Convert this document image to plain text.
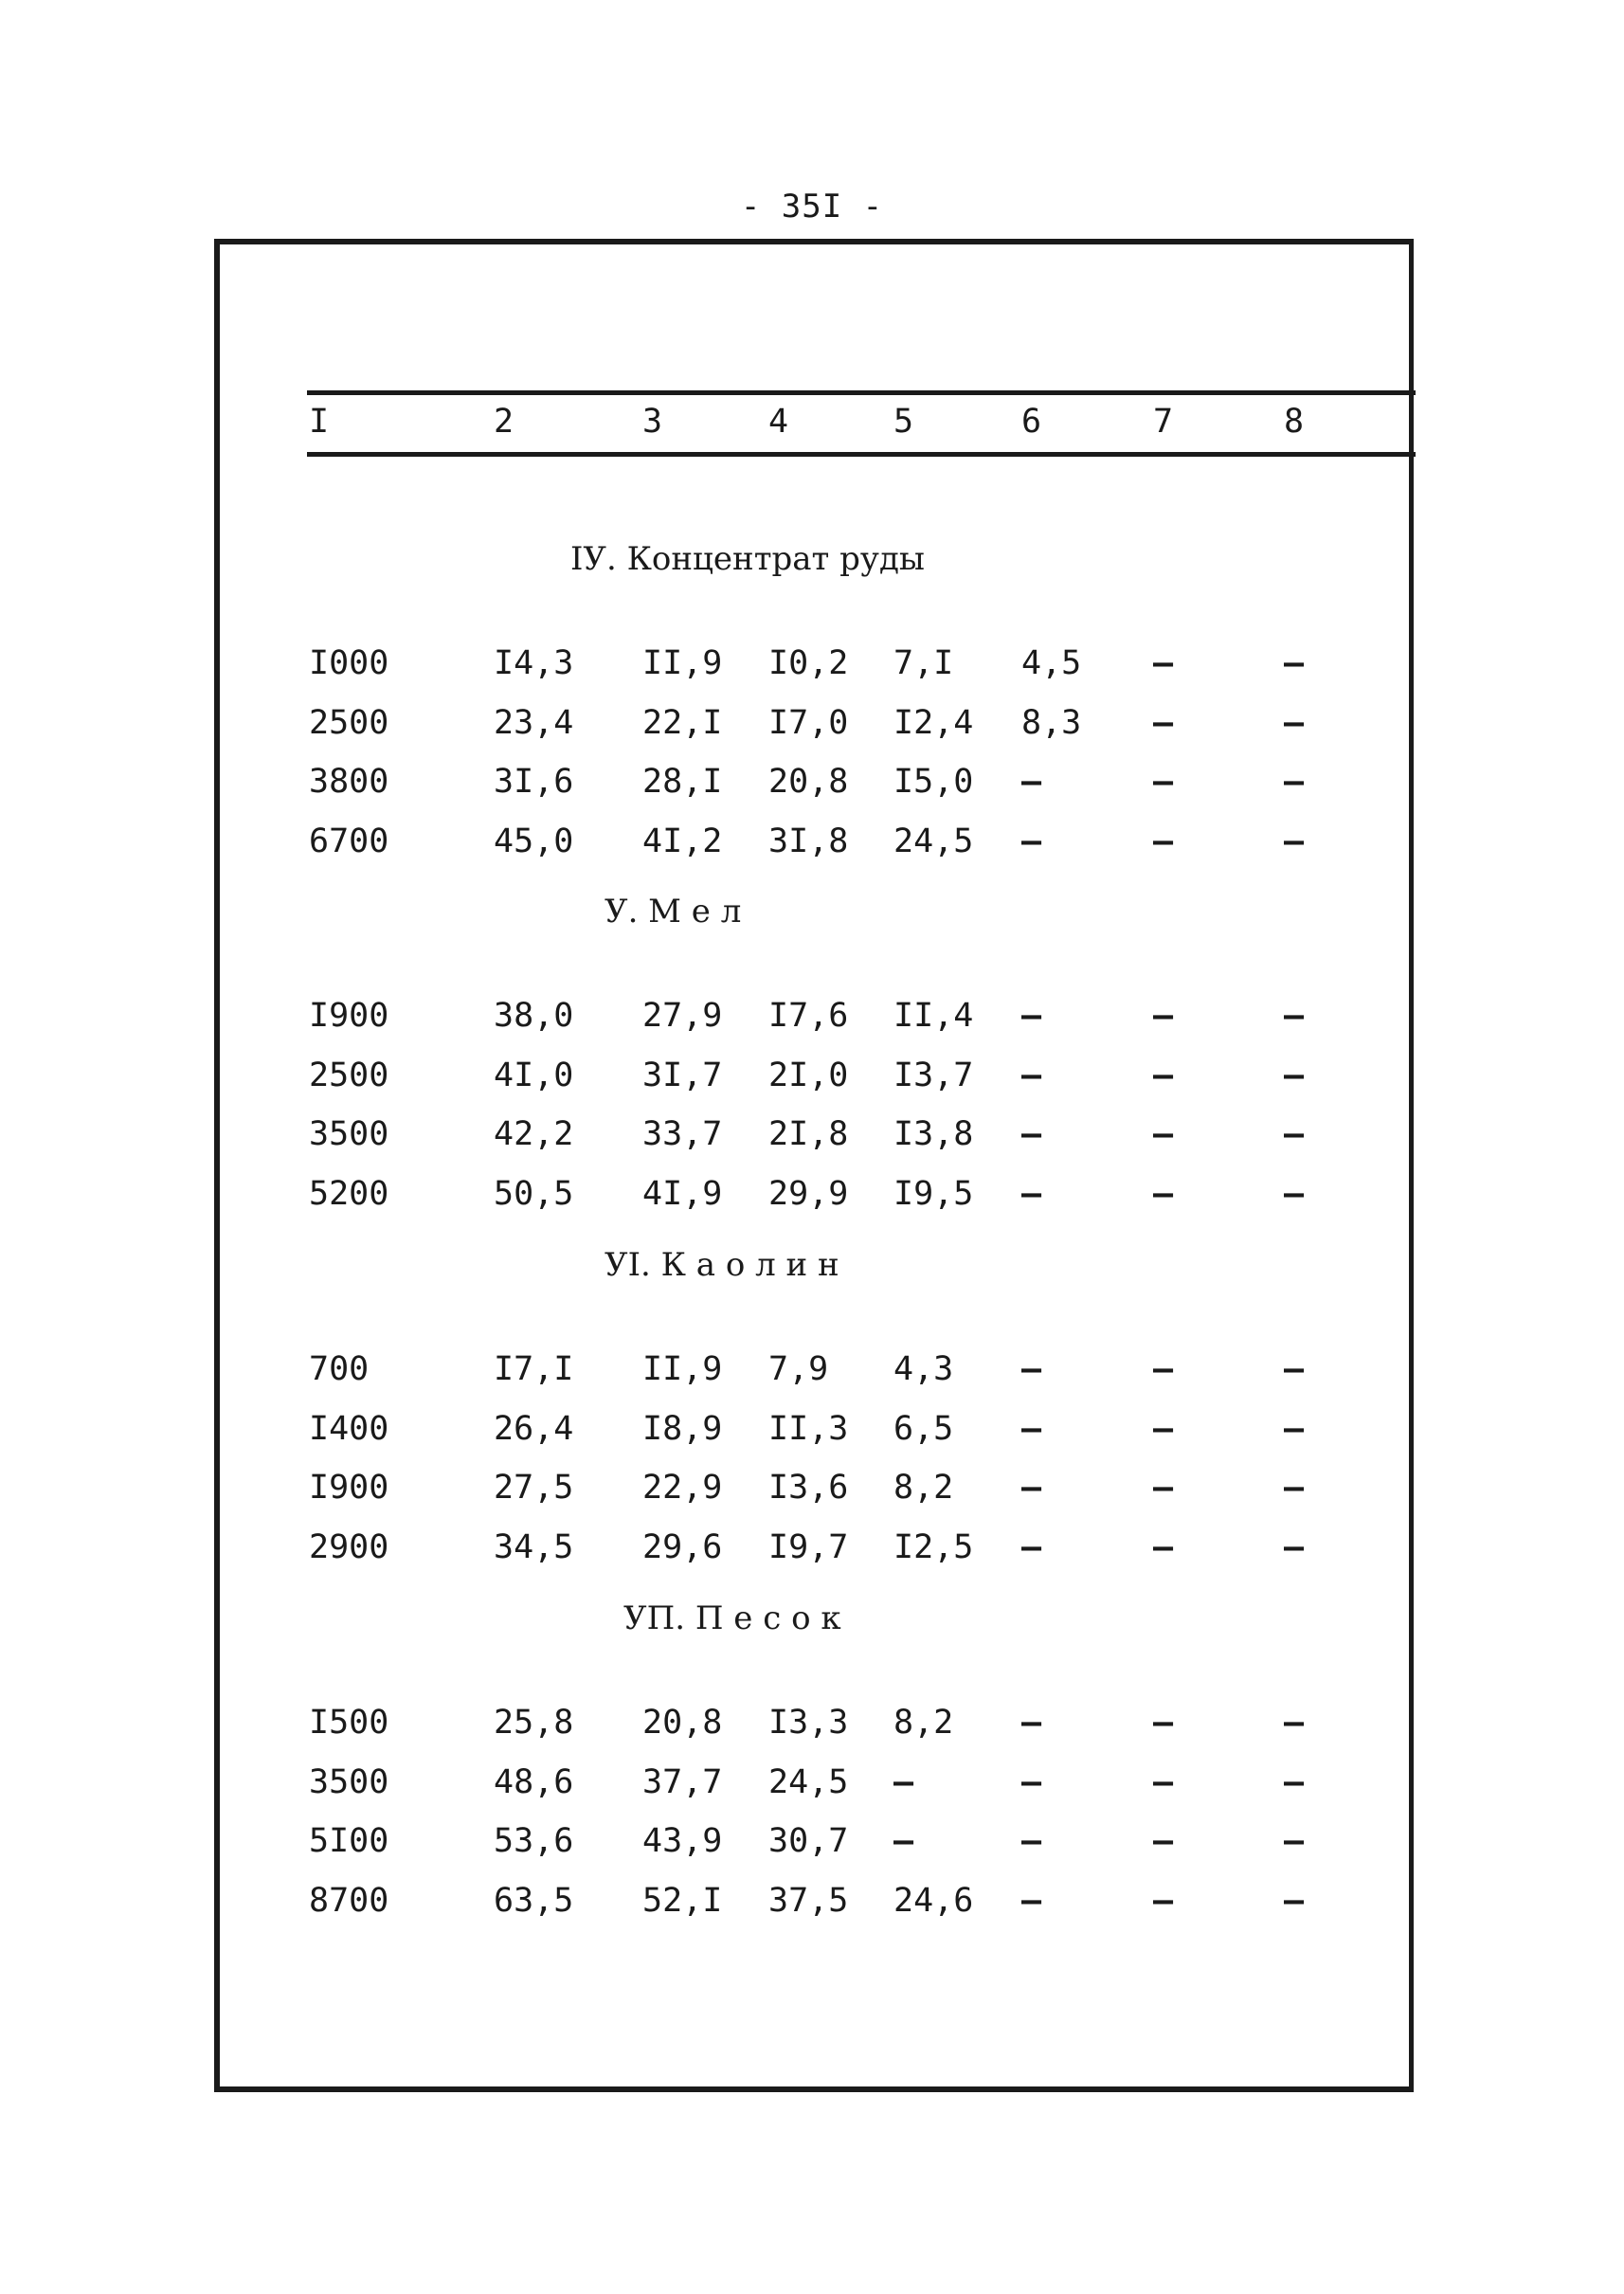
- 35I -
I	2	3	4	5	6	7	8
IУ. Концентрат руды
I000	I4,3 II,9 I0,2 7,I 4,5 –	–
2500	23,4 22,I I7,0 I2,4 8,3 –	–
3800	3I,6 28,I 20,8 I5,0 –	–	–
6700	45,0 4I,2 3I,8 24,5 –	–	–
У. М е л
I900	38,0 27,9 I7,6 II,4 –	–	–
2500	4I,0 3I,7 2I,0 I3,7 –	–	–
3500	42,2 33,7 2I,8 I3,8 –	–	–
5200	50,5 4I,9 29,9 I9,5 –	–	–
УI. К а о л и н
700	I7,I II,9 7,9 4,3 –	–	–
I400	26,4 I8,9 II,3 6,5 –	–	–
I900	27,5 22,9 I3,6 8,2 –	–	–
2900	34,5 29,6 I9,7 I2,5 –	–	–
УП. П е с о к
I500	25,8 20,8 I3,3 8,2 –	–	–
3500	48,6 37,7 24,5 –	–	–	–
5I00	53,6 43,9 30,7 –	–	–	–
8700	63,5 52,I 37,5 24,6 –	–	–
